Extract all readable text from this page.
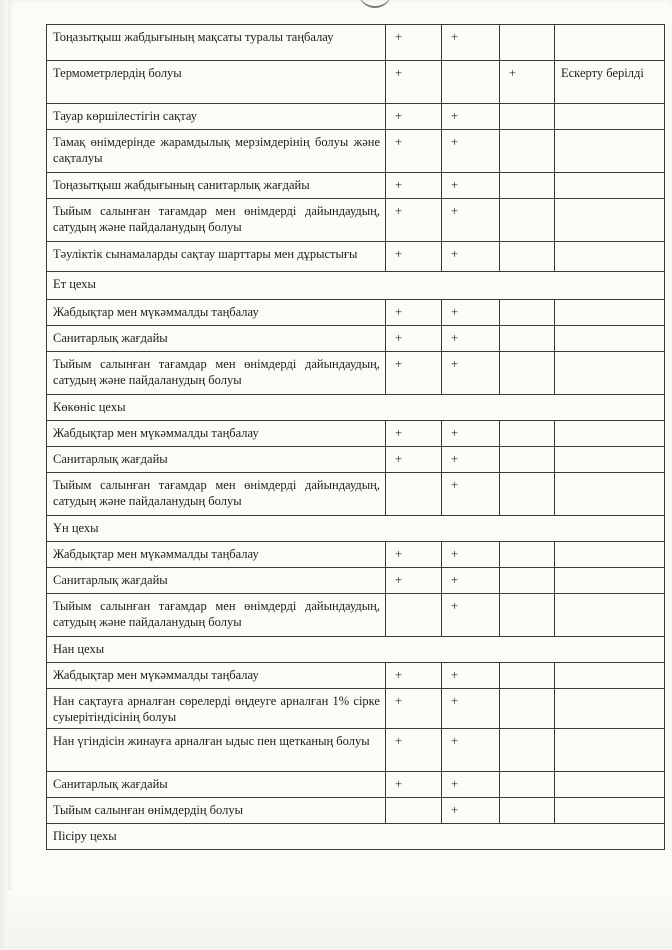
Тоңазытқыш жабдығының мақсаты туралы таңбалау	+	+		
Термометрлердің болуы	+		+	Ескерту берілді
Тауар көршілестігін сақтау	+	+		
Тамақ өнімдерінде жарамдылық мерзімдерінің болуы және сақталуы	+	+		
Тоңазытқыш жабдығының санитарлық жағдайы	+	+		
Тыйым салынған тағамдар мен өнімдерді дайындаудың, сатудың және пайдаланудың болуы	+	+		
Тәуліктік сынамаларды сақтау шарттары мен дұрыстығы	+	+		
Ет цехы				
Жабдықтар мен мүкәммалды таңбалау	+	+		
Санитарлық жағдайы	+	+		
Тыйым салынған тағамдар мен өнімдерді дайындаудың, сатудың және пайдаланудың болуы	+	+		
Көкөніс цехы				
Жабдықтар мен мүкәммалды таңбалау	+	+		
Санитарлық жағдайы	+	+		
Тыйым салынған тағамдар мен өнімдерді дайындаудың, сатудың және пайдаланудың болуы		+		
Ұн цехы				
Жабдықтар мен мүкәммалды таңбалау	+	+		
Санитарлық жағдайы	+	+		
Тыйым салынған тағамдар мен өнімдерді дайындаудың, сатудың және пайдаланудың болуы		+		
Нан цехы				
Жабдықтар мен мүкәммалды таңбалау	+	+		
Нан сақтауға арналған сөрелерді өңдеуге арналған 1% сірке суыерітіндісінің болуы	+	+		
Нан үгіндісін жинауға арналған ыдыс пен щетканың болуы	+	+		
Санитарлық жағдайы	+	+		
Тыйым салынған өнімдердің болуы		+		
Пісіру цехы				
